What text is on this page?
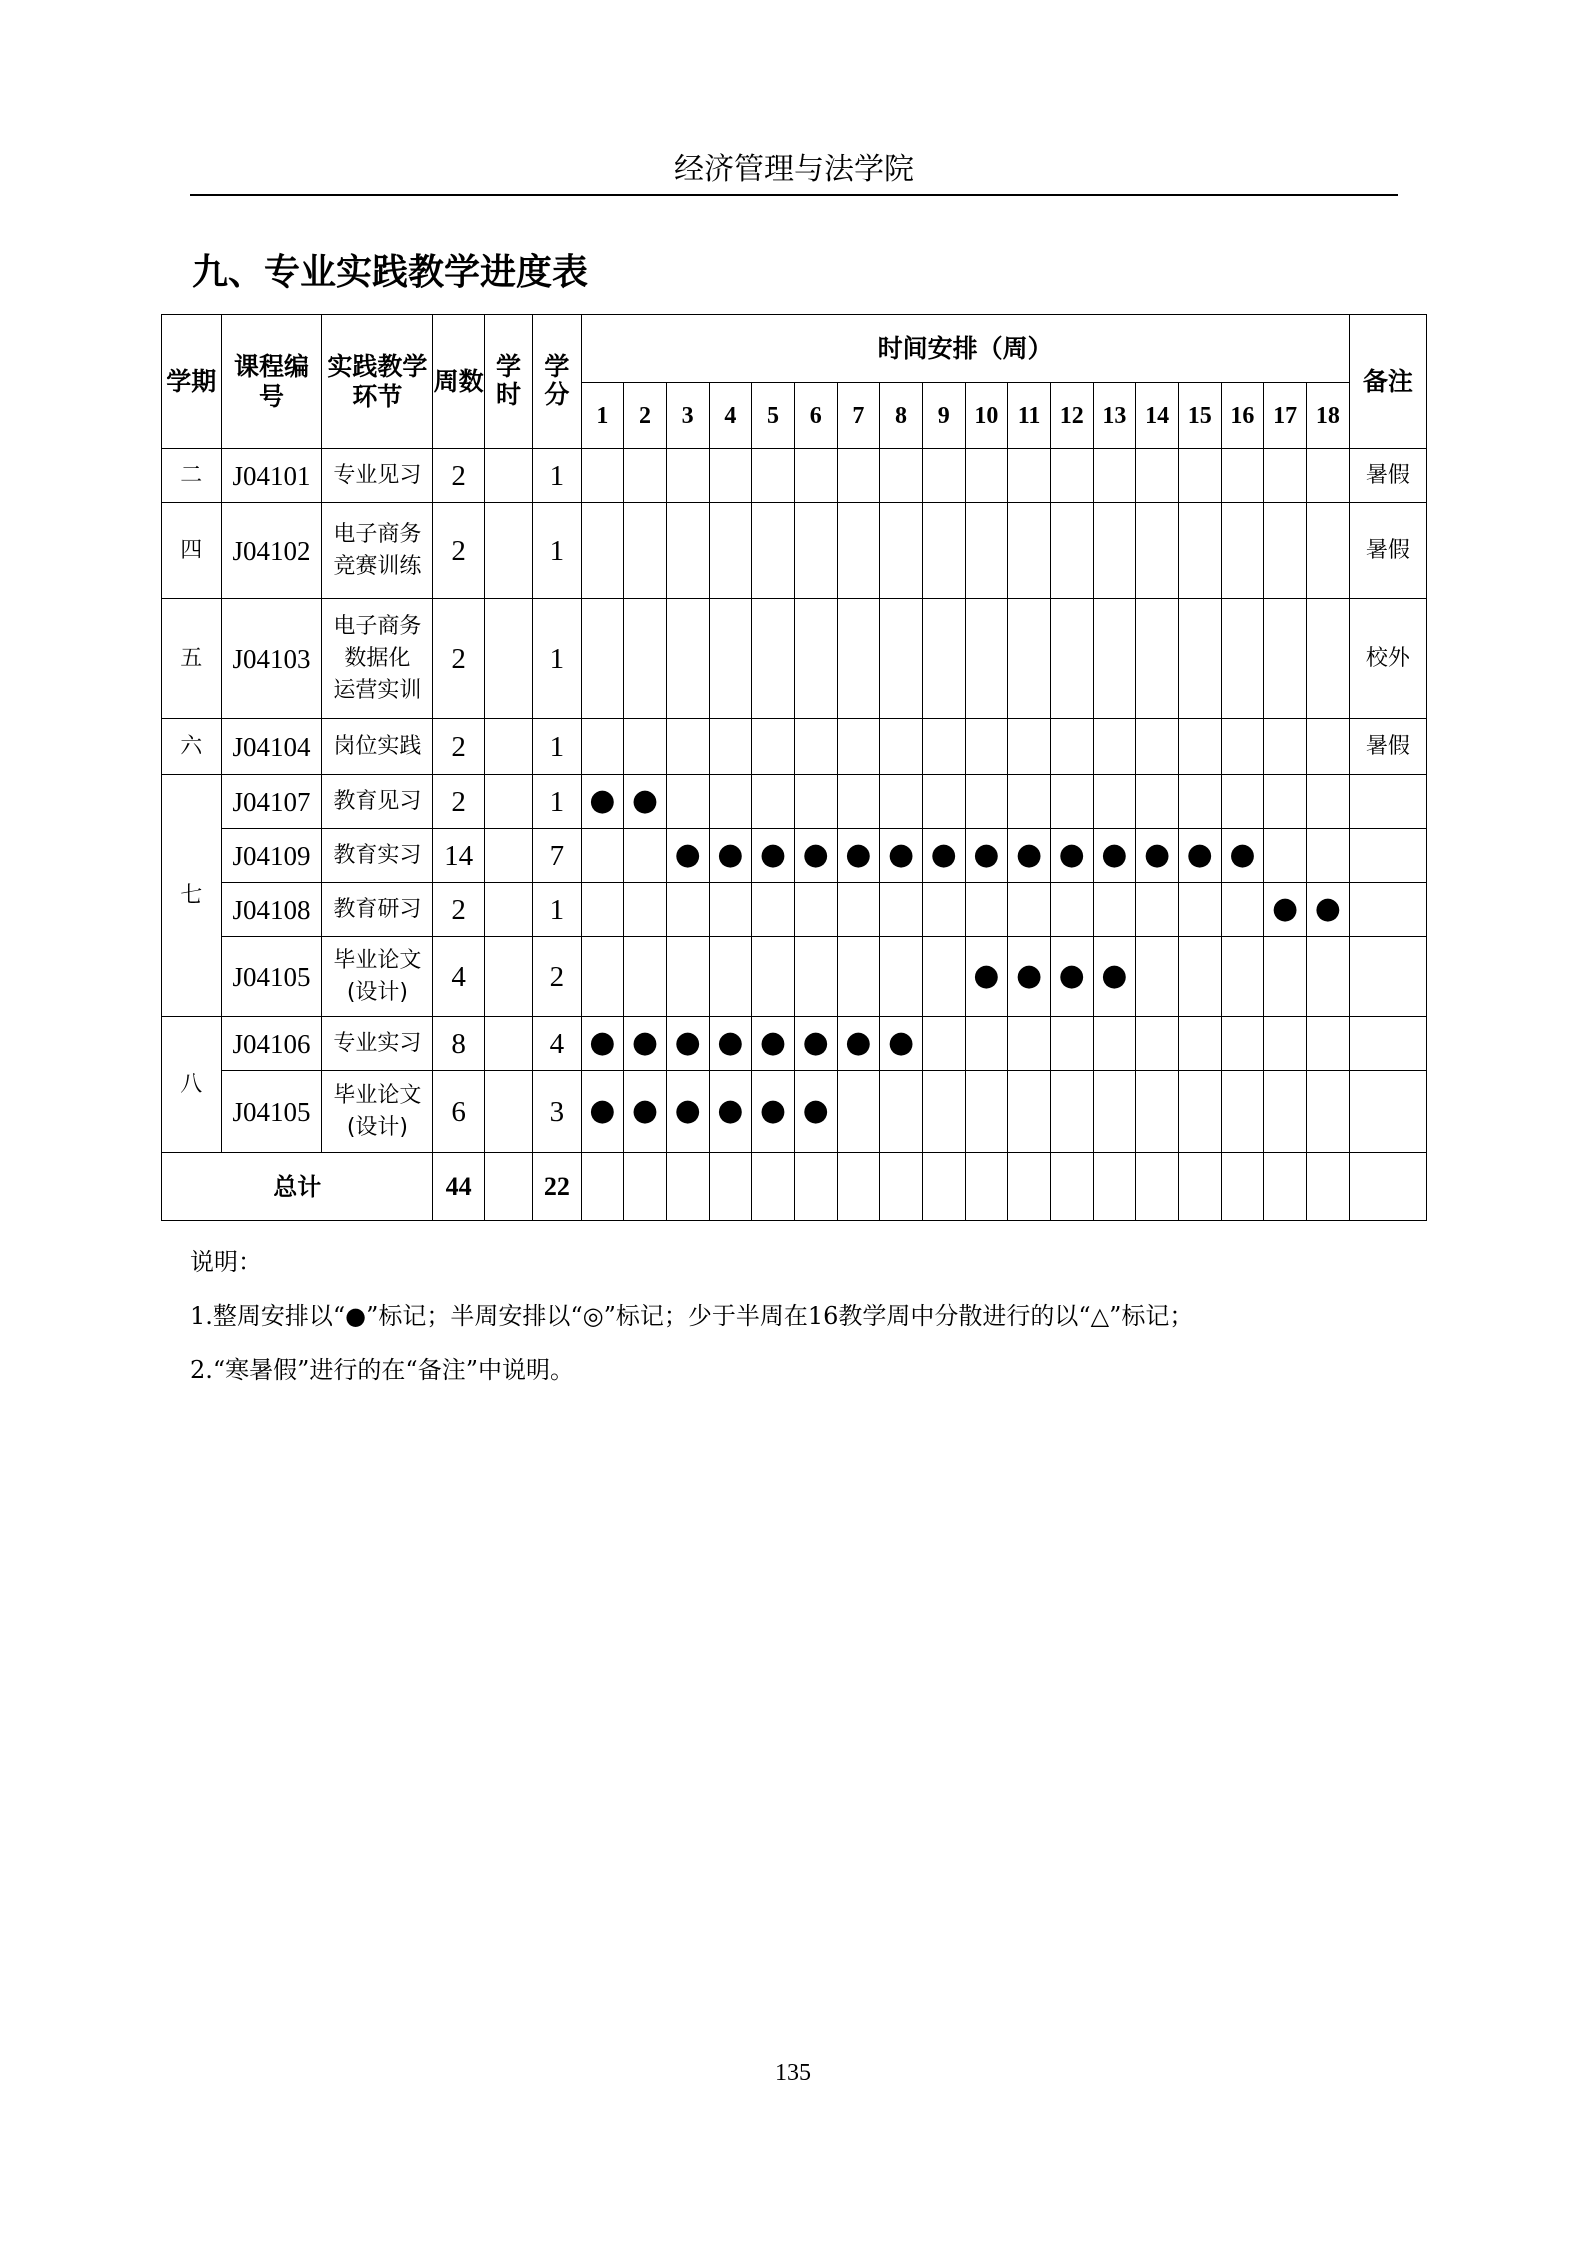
经济管理与法学院
九、专业实践教学进度表
学期	课程编号	实践教学环节	周数	学时	学分	时间安排（周）																		备注
						1	2	3	4	5	6	7	8	9	10	11	12	13	14	15	16	17	18	
二	J04101	专业见习	2		1																			暑假
四	J04102	电子商务
竞赛训练	2		1																			暑假
五	J04103	电子商务
数据化
运营实训	2		1																			校外
六	J04104	岗位实践	2		1																			暑假
七	J04107	教育见习	2		1	●	●																	
	J04109	教育实习	14		7			●	●	●	●	●	●	●	●	●	●	●	●	●	●			
	J04108	教育研习	2		1																	●	●	
	J04105	毕业论文
(设计)	4		2										●	●	●	●						
八	J04106	专业实习	8		4	●	●	●	●	●	●	●	●											
	J04105	毕业论文
(设计)	6		3	●	●	●	●	●	●													
总计			44		22																			
说明：
1.整周安排以“●”标记；半周安排以“◎”标记；少于半周在16教学周中分散进行的以“△”标记；
2.“寒暑假”进行的在“备注”中说明。
135
